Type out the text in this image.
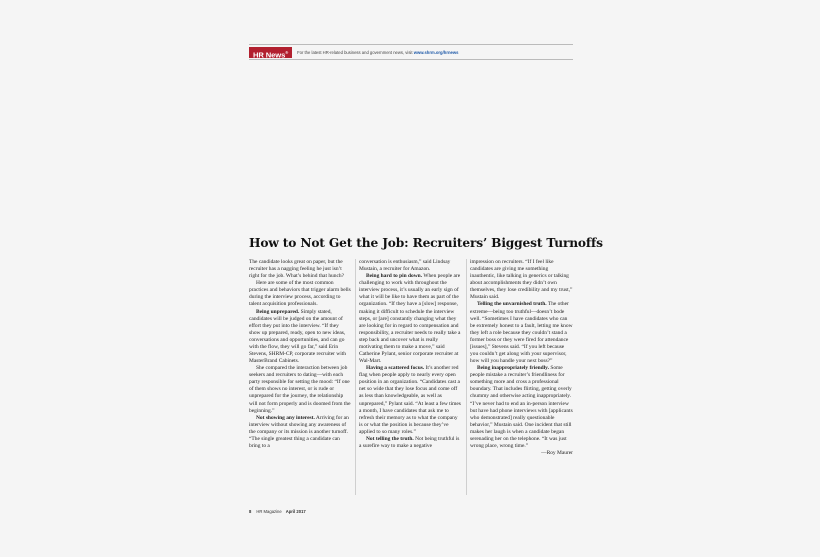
HR News®	For the latest HR-related business and government news, visit www.shrm.org/hrnews
How to Not Get the Job: Recruiters’ Biggest Turnoffs

The candidate looks great on paper, but the recruiter has a nagging feeling he just isn’t right for the job. What’s behind that hunch?

Here are some of the most common practices and behaviors that trigger alarm bells during the interview process, according to talent acquisition professionals.

Being unprepared. Simply stated, candidates will be judged on the amount of effort they put into the interview. “If they show up prepared, ready, open to new ideas, conversations and opportunities, and can go with the flow, they will go far,” said Erin Stevens, SHRM-CP, corporate recruiter with MasterBrand Cabinets.

She compared the interaction between job seekers and recruiters to dating—with each party responsible for setting the mood: “If one of them shows no interest, or is rude or unprepared for the journey, the relationship will not form properly and is doomed from the beginning.”

Not showing any interest. Arriving for an interview without showing any awareness of the company or its mission is another turnoff. “The single greatest thing a candidate can bring to a

conversation is enthusiasm,” said Lindsay Mustain, a recruiter for Amazon.

Being hard to pin down. When people are challenging to work with throughout the interview process, it’s usually an early sign of what it will be like to have them as part of the organization. “If they have a [slow] response, making it difficult to schedule the interview steps, or [are] constantly changing what they are looking for in regard to compensation and responsibility, a recruiter needs to really take a step back and uncover what is really motivating them to make a move,” said Catherine Pylant, senior corporate recruiter at Wal-Mart.

Having a scattered focus. It’s another red flag when people apply to nearly every open position in an organization. “Candidates cast a net so wide that they lose focus and come off as less than knowledgeable, as well as unprepared,” Pylant said. “At least a few times a month, I have candidates that ask me to refresh their memory as to what the company is or what the position is because they’ve applied to so many roles.”

Not telling the truth. Not being truthful is a surefire way to make a negative

impression on recruiters. “If I feel like candidates are giving me something inauthentic, like talking in generics or talking about accomplishments they didn’t own themselves, they lose credibility and my trust,” Mustain said.

Telling the unvarnished truth. The other extreme—being too truthful—doesn’t bode well. “Sometimes I have candidates who can be extremely honest to a fault, letting me know they left a role because they couldn’t stand a former boss or they were fired for attendance [issues],” Stevens said. “If you left because you couldn’t get along with your supervisor, how will you handle your next boss?”

Being inappropriately friendly. Some people mistake a recruiter’s friendliness for something more and cross a professional boundary. That includes flirting, getting overly chummy and otherwise acting inappropriately. “I’ve never had to end an in-person interview but have had phone interviews with [applicants who demonstrated] really questionable behavior,” Mustain said. One incident that still makes her laugh is when a candidate began serenading her on the telephone. “It was just wrong place, wrong time.”

—Roy Maurer

8 HR Magazine April 2017
